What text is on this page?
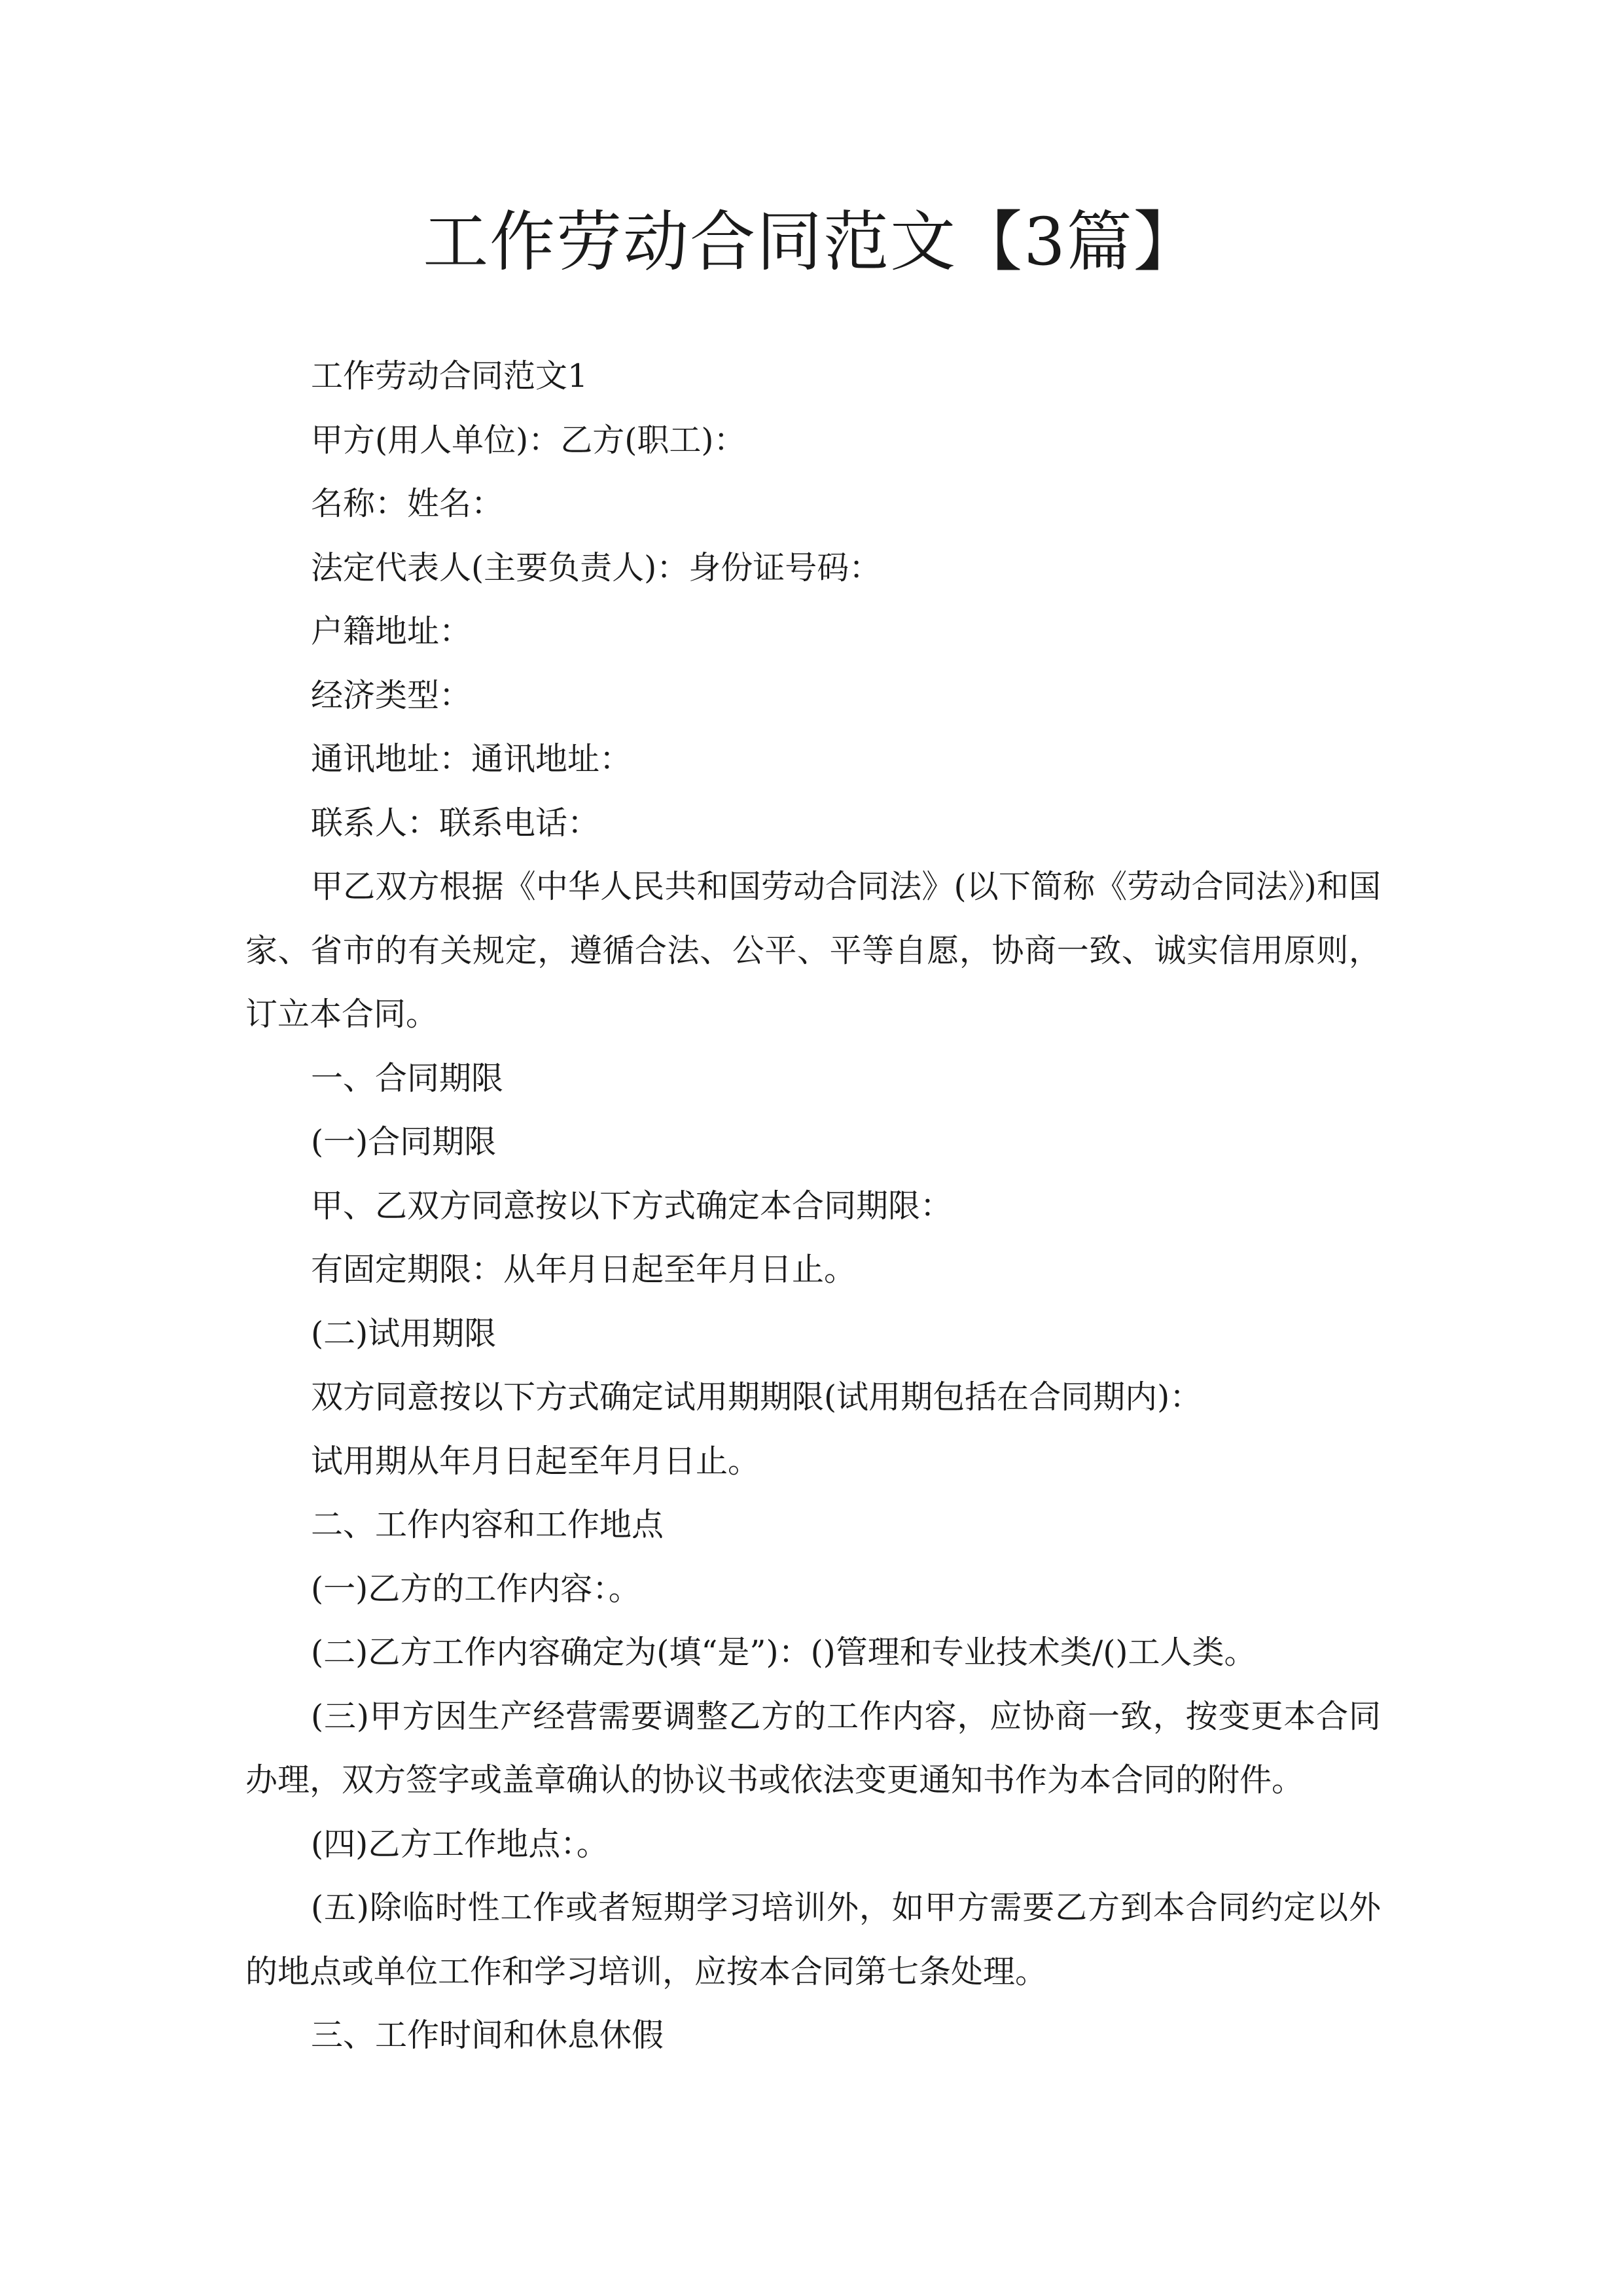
工作劳动合同范文【3篇】

工作劳动合同范文1

甲方(用人单位)：乙方(职工)：

名称：姓名：

法定代表人(主要负责人)：身份证号码：

户籍地址：

经济类型：

通讯地址：通讯地址：

联系人：联系电话：

甲乙双方根据《中华人民共和国劳动合同法》(以下简称《劳动合同法》)和国家、省市的有关规定，遵循合法、公平、平等自愿，协商一致、诚实信用原则，订立本合同。

一、合同期限

(一)合同期限

甲、乙双方同意按以下方式确定本合同期限：

有固定期限：从年月日起至年月日止。

(二)试用期限

双方同意按以下方式确定试用期期限(试用期包括在合同期内)：

试用期从年月日起至年月日止。

二、工作内容和工作地点

(一)乙方的工作内容：。

(二)乙方工作内容确定为(填“是”)：()管理和专业技术类/()工人类。

(三)甲方因生产经营需要调整乙方的工作内容，应协商一致，按变更本合同办理，双方签字或盖章确认的协议书或依法变更通知书作为本合同的附件。

(四)乙方工作地点：。

(五)除临时性工作或者短期学习培训外，如甲方需要乙方到本合同约定以外的地点或单位工作和学习培训，应按本合同第七条处理。

三、工作时间和休息休假
